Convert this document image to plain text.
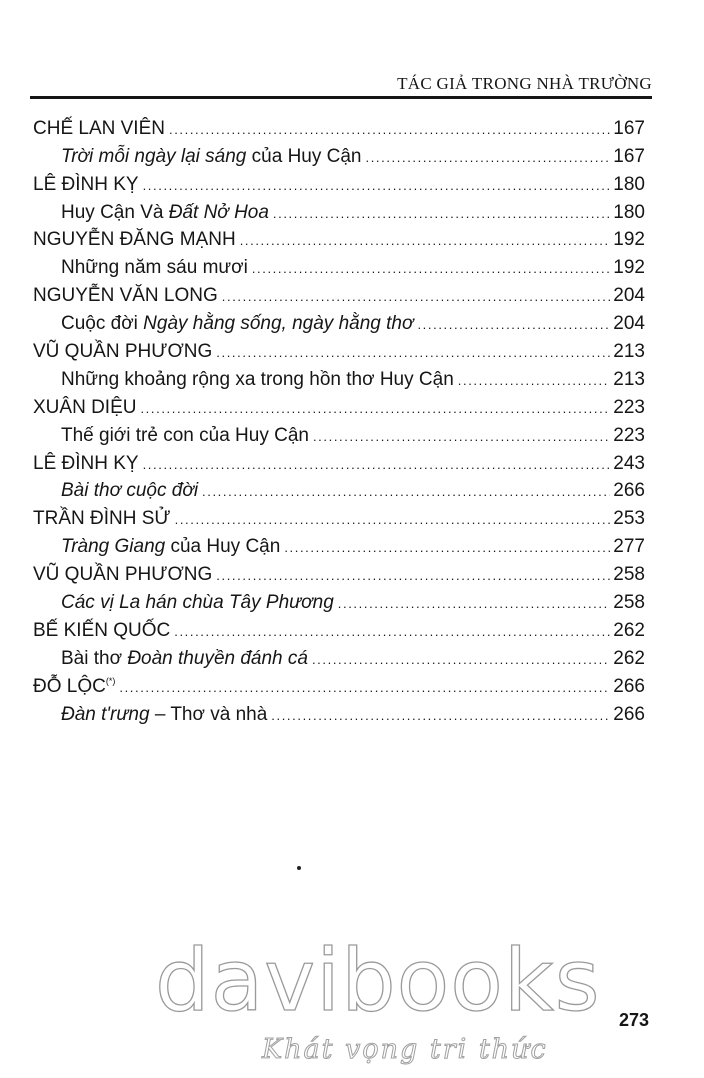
TÁC GIẢ TRONG NHÀ TRƯỜNG
CHẾ LAN VIÊN .....	167
Trời mỗi ngày lại sáng của Huy Cận .....	167
LÊ ĐÌNH KỴ .....	180
Huy Cận Và Đất Nở Hoa .....	180
NGUYỄN ĐĂNG MẠNH .....	192
Những năm sáu mươi .....	192
NGUYỄN VĂN LONG .....	204
Cuộc đời Ngày hằng sống, ngày hằng thơ .....	204
VŨ QUẦN PHƯƠNG .....	213
Những khoảng rộng xa trong hồn thơ Huy Cận .....	213
XUÂN DIỆU .....	223
Thế giới trẻ con của Huy Cận .....	223
LÊ ĐÌNH KỴ .....	243
Bài thơ cuộc đời .....	266
TRẦN ĐÌNH SỬ .....	253
Tràng Giang của Huy Cận .....	277
VŨ QUẦN PHƯƠNG .....	258
Các vị La hán chùa Tây Phương .....	258
BẾ KIẾN QUỐC .....	262
Bài thơ Đoàn thuyền đánh cá .....	262
ĐỖ LỘC(*) .....	266
Đàn t'rưng – Thơ và nhà .....	266
davibooks
Khát vọng tri thức
273
